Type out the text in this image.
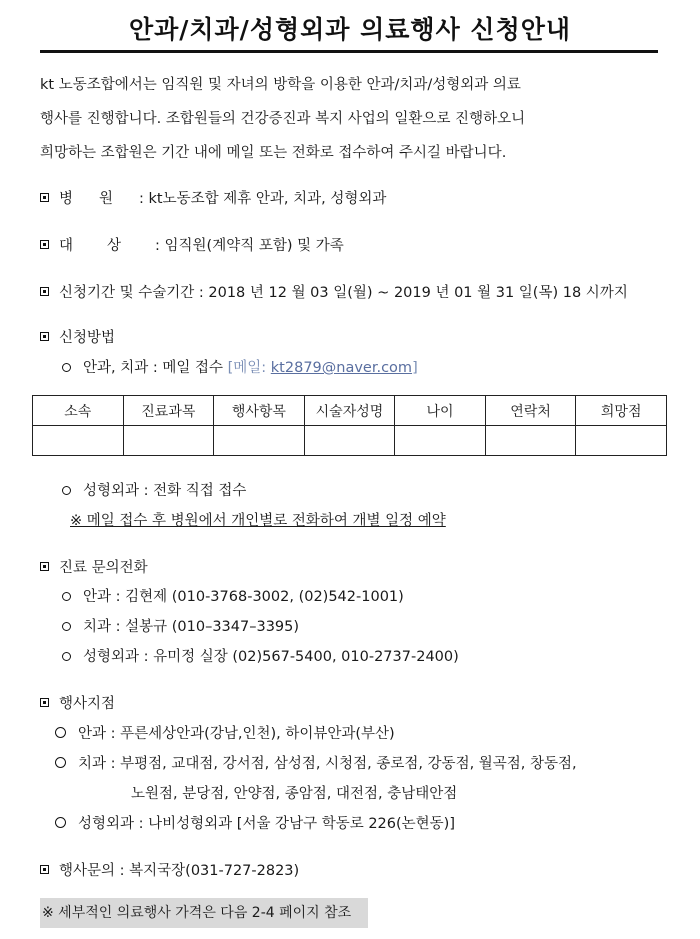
안과/치과/성형외과 의료행사 신청안내

kt 노동조합에서는 임직원 및 자녀의 방학을 이용한 안과/치과/성형외과 의료

행사를 진행합니다. 조합원들의 건강증진과 복지 사업의 일환으로 진행하오니

희망하는 조합원은 기간 내에 메일 또는 전화로 접수하여 주시길 바랍니다.

병원: kt노동조합 제휴 안과, 치과, 성형외과
대상: 임직원(계약직 포함) 및 가족
신청기간 및 수술기간 : 2018 년 12 월 03 일(월) ~ 2019 년 01 월 31 일(목) 18 시까지
신청방법
안과, 치과 : 메일 접수 [메일: kt2879@naver.com]
소속	진료과목	행사항목	시술자성명	나이	연락처	희망점

성형외과 : 전화 직접 접수
※ 메일 접수 후 병원에서 개인별로 전화하여 개별 일정 예약
진료 문의전화
안과 : 김현제 (010-3768-3002, (02)542-1001)
치과 : 설봉규 (010–3347–3395)
성형외과 : 유미정 실장 (02)567-5400, 010-2737-2400)
행사지점
안과 : 푸른세상안과(강남,인천), 하이뷰안과(부산)
치과 : 부평점, 교대점, 강서점, 삼성점, 시청점, 종로점, 강동점, 월곡점, 창동점,
노원점, 분당점, 안양점, 종암점, 대전점, 충남태안점
성형외과 : 나비성형외과 [서울 강남구 학동로 226(논현동)]
행사문의 : 복지국장(031-727-2823)
※ 세부적인 의료행사 가격은 다음 2-4 페이지 참조
